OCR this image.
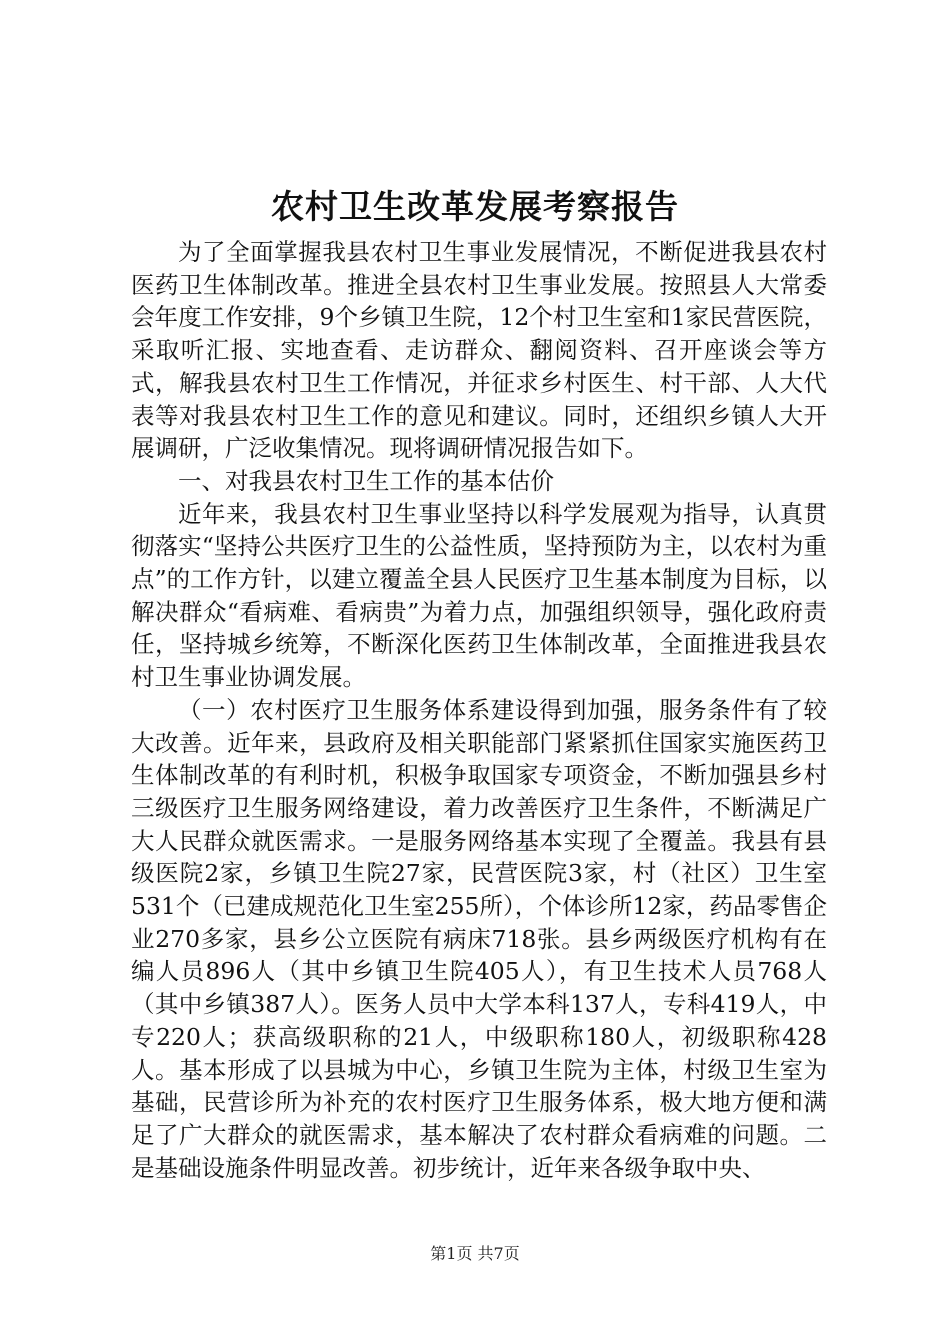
农村卫生改革发展考察报告

为了全面掌握我县农村卫生事业发展情况，不断促进我县农村医药卫生体制改革。推进全县农村卫生事业发展。按照县人大常委会年度工作安排，9个乡镇卫生院，12个村卫生室和1家民营医院，采取听汇报、实地查看、走访群众、翻阅资料、召开座谈会等方式，解我县农村卫生工作情况，并征求乡村医生、村干部、人大代表等对我县农村卫生工作的意见和建议。同时，还组织乡镇人大开展调研，广泛收集情况。现将调研情况报告如下。

一、对我县农村卫生工作的基本估价

近年来，我县农村卫生事业坚持以科学发展观为指导，认真贯彻落实“坚持公共医疗卫生的公益性质，坚持预防为主，以农村为重点”的工作方针，以建立覆盖全县人民医疗卫生基本制度为目标，以解决群众“看病难、看病贵”为着力点，加强组织领导，强化政府责任，坚持城乡统筹，不断深化医药卫生体制改革，全面推进我县农村卫生事业协调发展。

（一）农村医疗卫生服务体系建设得到加强，服务条件有了较大改善。近年来，县政府及相关职能部门紧紧抓住国家实施医药卫生体制改革的有利时机，积极争取国家专项资金，不断加强县乡村三级医疗卫生服务网络建设，着力改善医疗卫生条件，不断满足广大人民群众就医需求。一是服务网络基本实现了全覆盖。我县有县级医院2家，乡镇卫生院27家，民营医院3家，村（社区）卫生室531个（已建成规范化卫生室255所），个体诊所12家，药品零售企业270多家，县乡公立医院有病床718张。县乡两级医疗机构有在编人员896人（其中乡镇卫生院405人），有卫生技术人员768人（其中乡镇387人）。医务人员中大学本科137人，专科419人，中专220人；获高级职称的21人，中级职称180人，初级职称428人。基本形成了以县城为中心，乡镇卫生院为主体，村级卫生室为基础，民营诊所为补充的农村医疗卫生服务体系，极大地方便和满足了广大群众的就医需求，基本解决了农村群众看病难的问题。二是基础设施条件明显改善。初步统计，近年来各级争取中央、

第1页 共7页
